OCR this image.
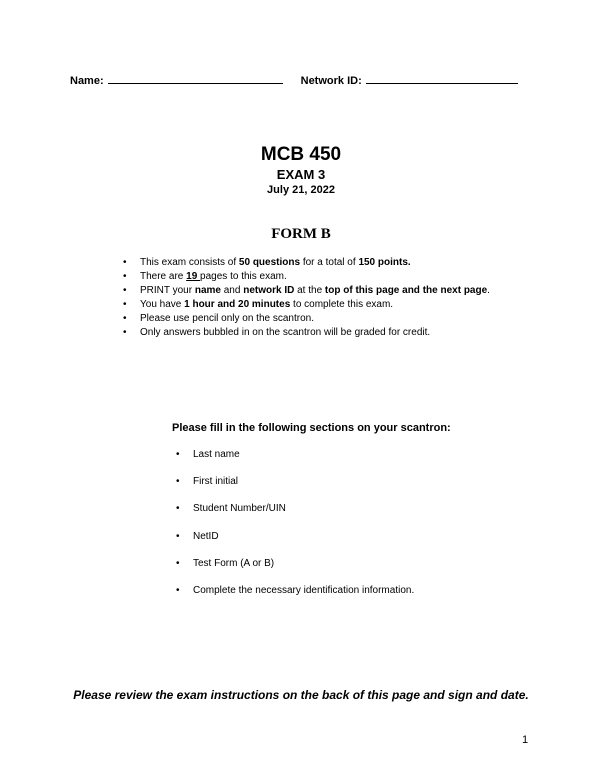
Name:	Network ID:
MCB 450
EXAM 3
July 21, 2022
FORM B
• This exam consists of 50 questions for a total of 150 points.
• There are 19 pages to this exam.
• PRINT your name and network ID at the top of this page and the next page.
• You have 1 hour and 20 minutes to complete this exam.
• Please use pencil only on the scantron.
• Only answers bubbled in on the scantron will be graded for credit.
Please fill in the following sections on your scantron:
• Last name
• First initial
• Student Number/UIN
• NetID
• Test Form (A or B)
• Complete the necessary identification information.
Please review the exam instructions on the back of this page and sign and date.
1
